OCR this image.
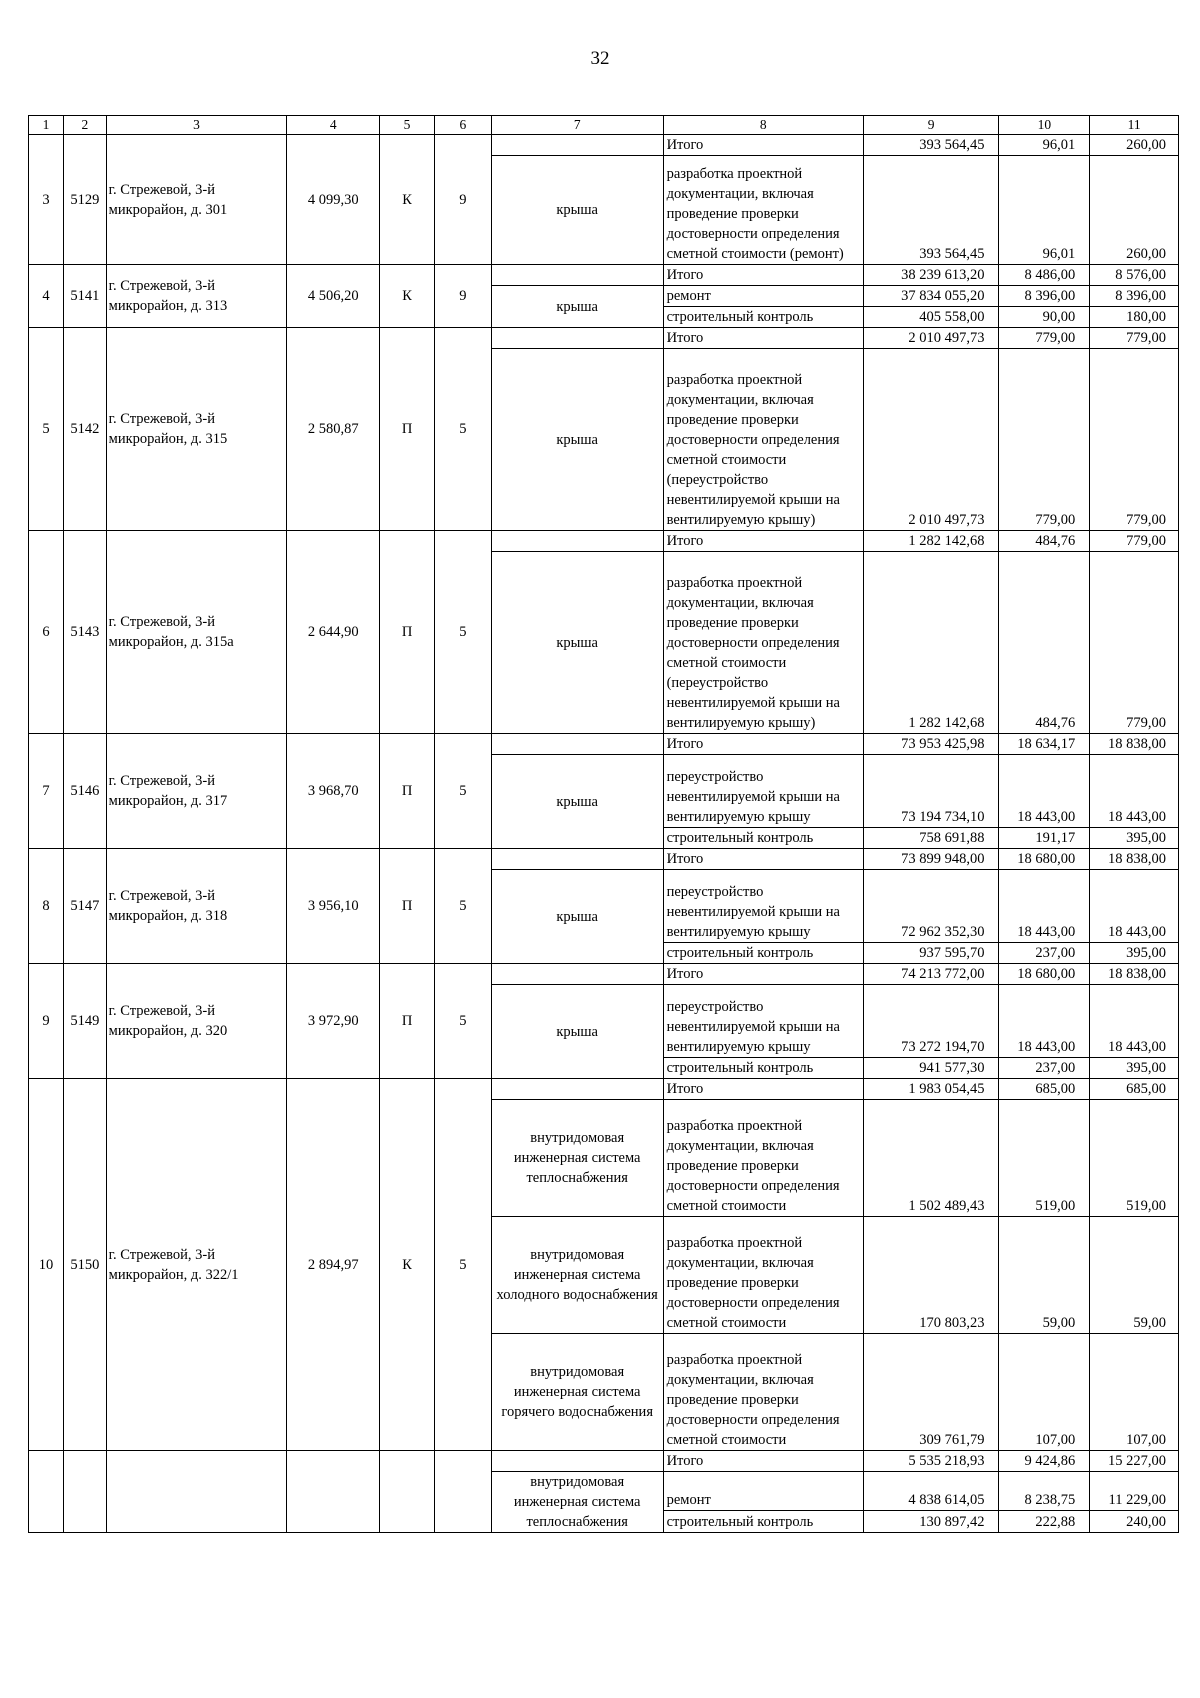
32
1	2	3	4	5	6	7	8	9	10	11
3	5129	г. Стрежевой, 3-й микрорайон, д. 301	4 099,30	К	9		Итого	393 564,45	96,01	260,00
						крыша	разработка проектной документации, включая проведение проверки достоверности определения сметной стоимости (ремонт)	393 564,45	96,01	260,00
4	5141	г. Стрежевой, 3-й микрорайон, д. 313	4 506,20	К	9		Итого	38 239 613,20	8 486,00	8 576,00
						крыша	ремонт	37 834 055,20	8 396,00	8 396,00
							строительный контроль	405 558,00	90,00	180,00
5	5142	г. Стрежевой, 3-й микрорайон, д. 315	2 580,87	П	5		Итого	2 010 497,73	779,00	779,00
						крыша	разработка проектной документации, включая проведение проверки достоверности определения сметной стоимости (переустройство невентилируемой крыши на вентилируемую крышу)	2 010 497,73	779,00	779,00
6	5143	г. Стрежевой, 3-й микрорайон, д. 315а	2 644,90	П	5		Итого	1 282 142,68	484,76	779,00
						крыша	разработка проектной документации, включая проведение проверки достоверности определения сметной стоимости (переустройство невентилируемой крыши на вентилируемую крышу)	1 282 142,68	484,76	779,00
7	5146	г. Стрежевой, 3-й микрорайон, д. 317	3 968,70	П	5		Итого	73 953 425,98	18 634,17	18 838,00
						крыша	переустройство невентилируемой крыши на вентилируемую крышу	73 194 734,10	18 443,00	18 443,00
							строительный контроль	758 691,88	191,17	395,00
8	5147	г. Стрежевой, 3-й микрорайон, д. 318	3 956,10	П	5		Итого	73 899 948,00	18 680,00	18 838,00
						крыша	переустройство невентилируемой крыши на вентилируемую крышу	72 962 352,30	18 443,00	18 443,00
							строительный контроль	937 595,70	237,00	395,00
9	5149	г. Стрежевой, 3-й микрорайон, д. 320	3 972,90	П	5		Итого	74 213 772,00	18 680,00	18 838,00
						крыша	переустройство невентилируемой крыши на вентилируемую крышу	73 272 194,70	18 443,00	18 443,00
							строительный контроль	941 577,30	237,00	395,00
10	5150	г. Стрежевой, 3-й микрорайон, д. 322/1	2 894,97	К	5		Итого	1 983 054,45	685,00	685,00
						внутридомовая инженерная система теплоснабжения	разработка проектной документации, включая проведение проверки достоверности определения сметной стоимости	1 502 489,43	519,00	519,00
						внутридомовая инженерная система холодного водоснабжения	разработка проектной документации, включая проведение проверки достоверности определения сметной стоимости	170 803,23	59,00	59,00
						внутридомовая инженерная система горячего водоснабжения	разработка проектной документации, включая проведение проверки достоверности определения сметной стоимости	309 761,79	107,00	107,00
							Итого	5 535 218,93	9 424,86	15 227,00
						внутридомовая инженерная система теплоснабжения	ремонт	4 838 614,05	8 238,75	11 229,00
							строительный контроль	130 897,42	222,88	240,00
